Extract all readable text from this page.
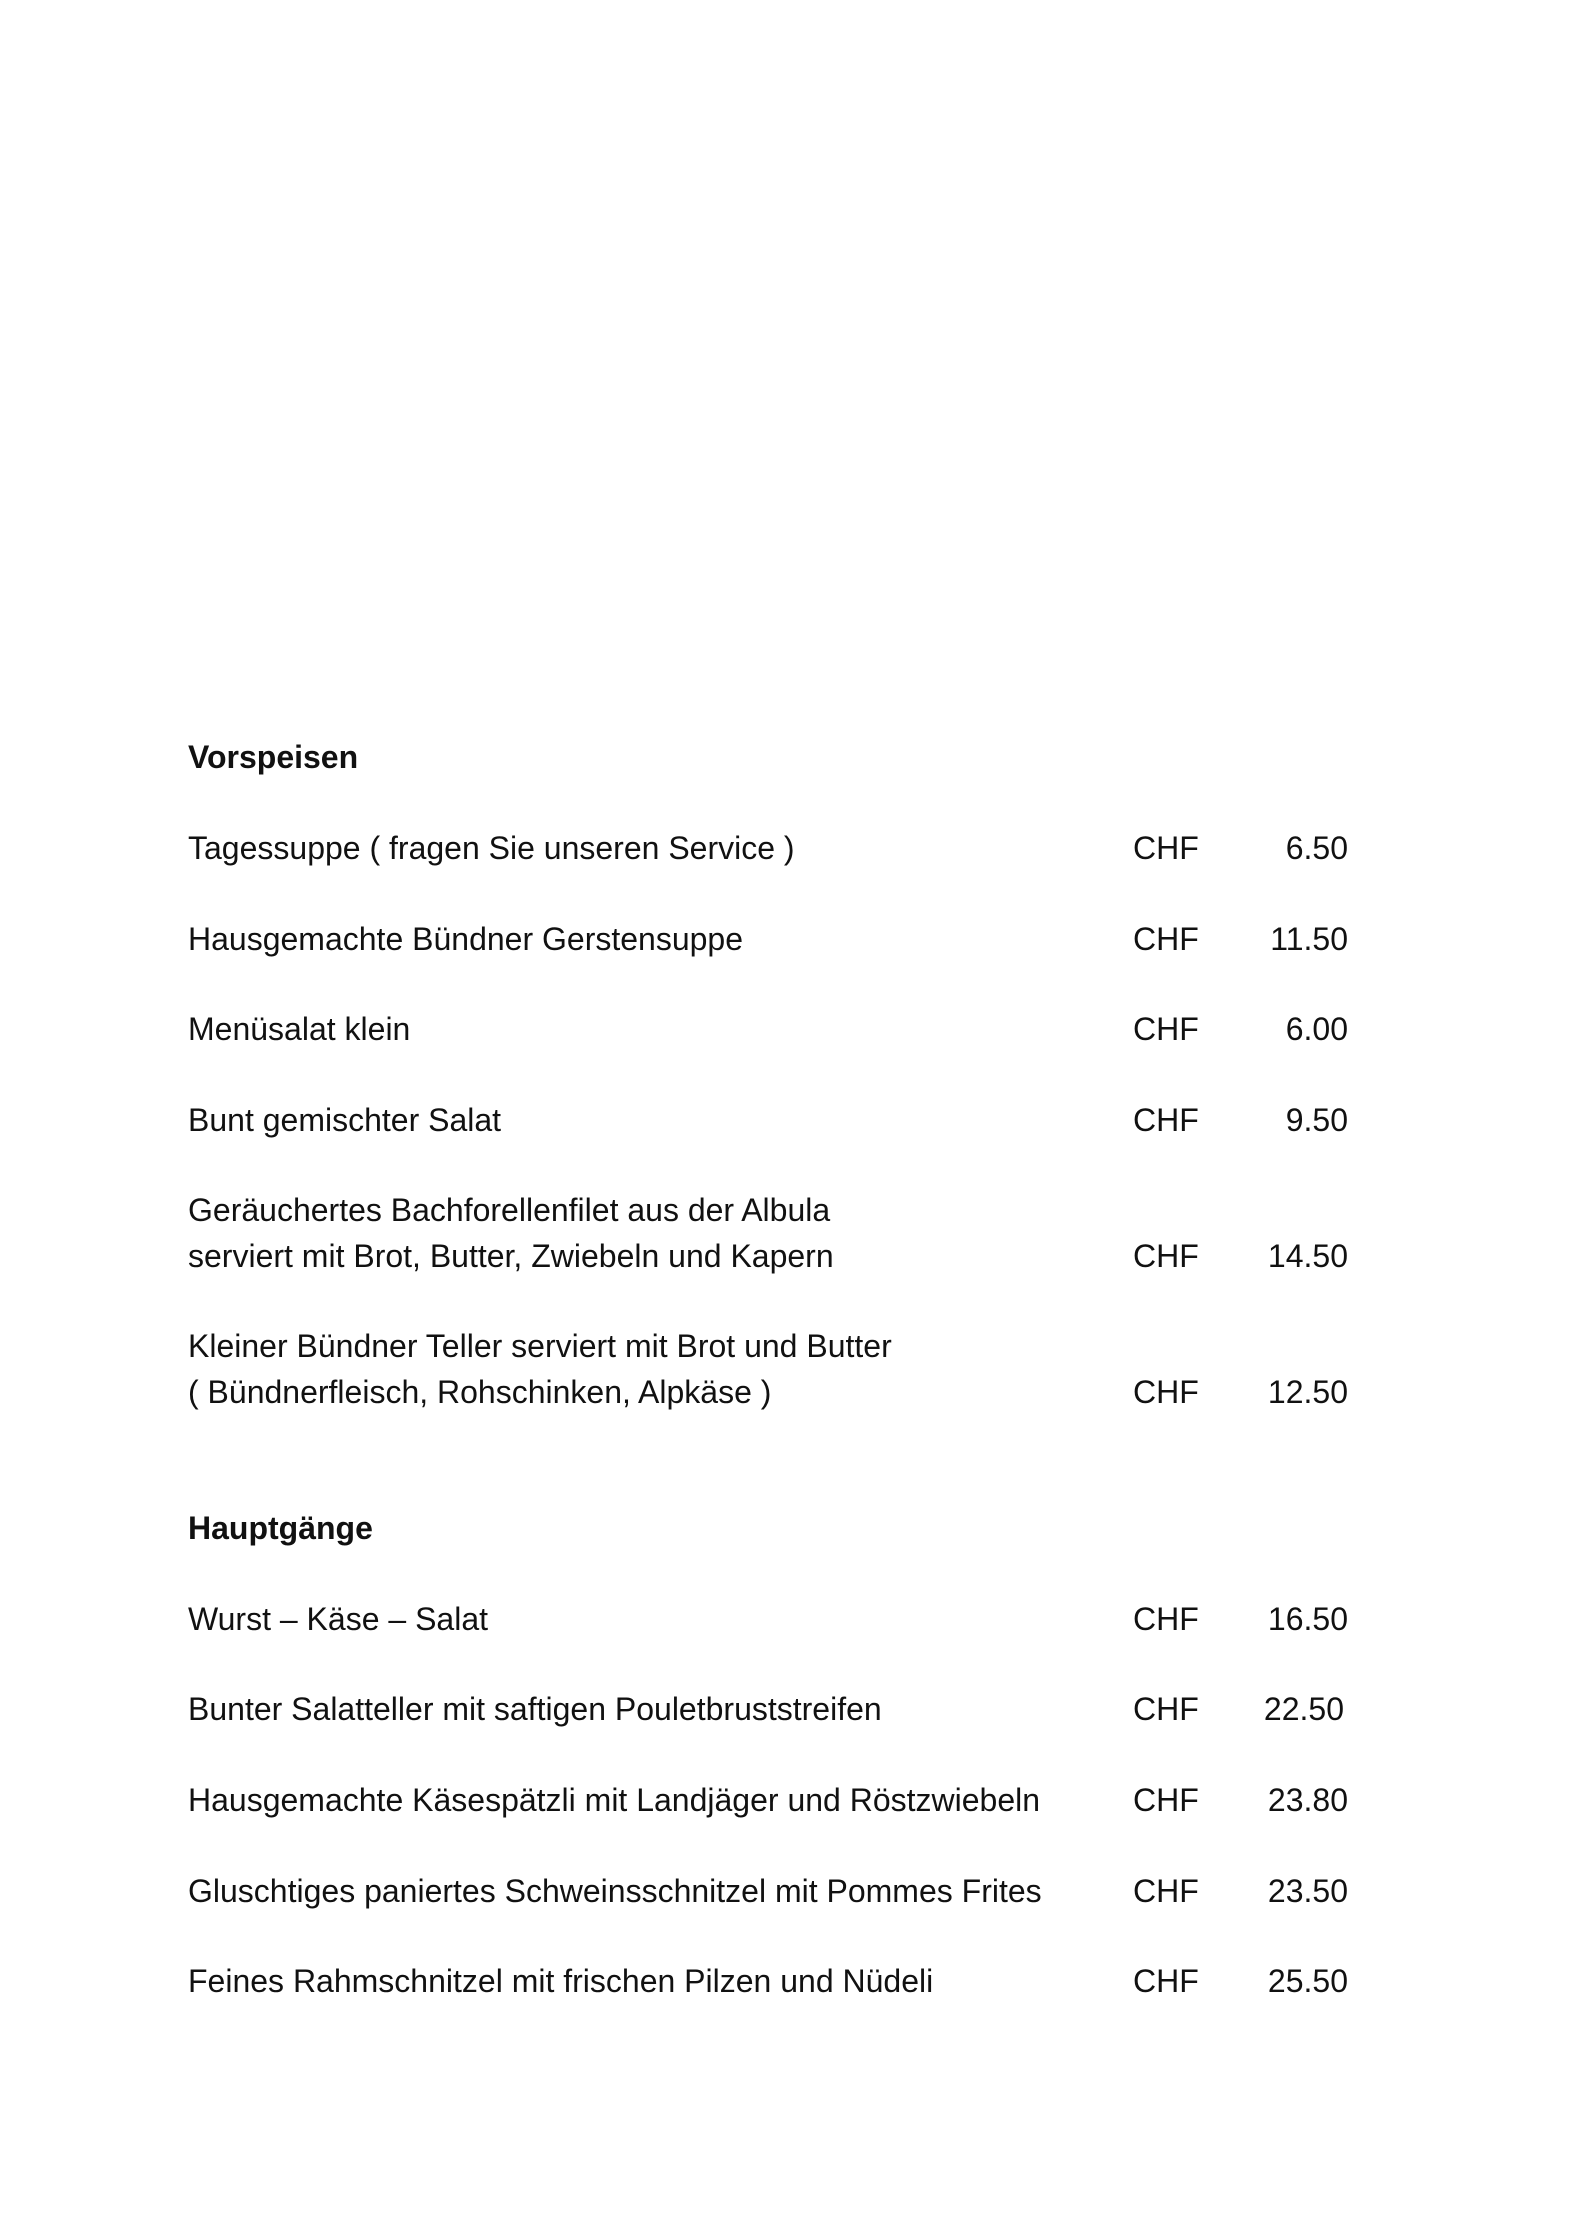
Vorspeisen
Tagessuppe ( fragen Sie unseren Service )	CHF	6.50
Hausgemachte Bündner Gerstensuppe	CHF	11.50
Menüsalat klein	CHF	6.00
Bunt gemischter Salat	CHF	9.50
Geräuchertes Bachforellenfilet aus der Albula
serviert mit Brot, Butter, Zwiebeln und Kapern	CHF	14.50
Kleiner Bündner Teller serviert mit Brot und Butter
( Bündnerfleisch, Rohschinken, Alpkäse )	CHF	12.50
Hauptgänge
Wurst – Käse – Salat	CHF	16.50
Bunter Salatteller mit saftigen Pouletbruststreifen	CHF	22.50
Hausgemachte Käsespätzli mit Landjäger und Röstzwiebeln	CHF	23.80
Gluschtiges paniertes Schweinsschnitzel mit Pommes Frites	CHF	23.50
Feines Rahmschnitzel mit frischen Pilzen und Nüdeli	CHF	25.50
